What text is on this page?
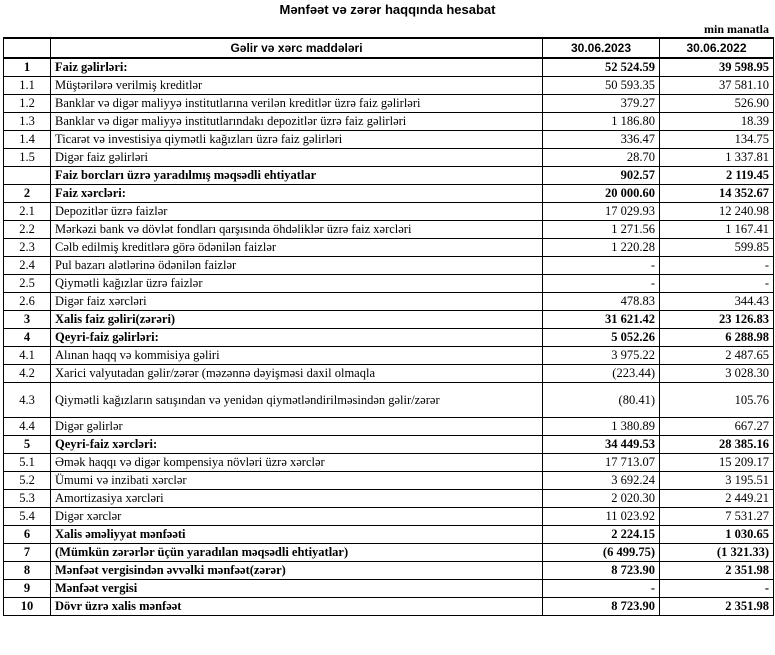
Mənfəət və zərər haqqında hesabat
min manatla
	Gəlir və xərc maddələri	30.06.2023	30.06.2022
1	Faiz gəlirləri:	52 524.59	39 598.95
1.1	Müştərilərə verilmiş kreditlər	50 593.35	37 581.10
1.2	Banklar və digər maliyyə institutlarına verilən kreditlər üzrə faiz gəlirləri	379.27	526.90
1.3	Banklar və digər maliyyə institutlarındakı depozitlər üzrə faiz gəlirləri	1 186.80	18.39
1.4	Ticarət və investisiya qiymətli kağızları üzrə faiz gəlirləri	336.47	134.75
1.5	Digər faiz gəlirləri	28.70	1 337.81
	Faiz borcları üzrə yaradılmış məqsədli ehtiyatlar	902.57	2 119.45
2	Faiz xərcləri:	20 000.60	14 352.67
2.1	Depozitlər üzrə faizlər	17 029.93	12 240.98
2.2	Mərkəzi bank və dövlət fondları qarşısında öhdəliklər üzrə faiz xərcləri	1 271.56	1 167.41
2.3	Cəlb edilmiş kreditlərə görə ödənilən faizlər	1 220.28	599.85
2.4	Pul bazarı alətlərinə ödənilən faizlər	-	-
2.5	Qiymətli kağızlar üzrə faizlər	-	-
2.6	Digər faiz xərcləri	478.83	344.43
3	Xalis faiz gəliri(zərəri)	31 621.42	23 126.83
4	Qeyri-faiz gəlirləri:	5 052.26	6 288.98
4.1	Alınan haqq və kommisiya gəliri	3 975.22	2 487.65
4.2	Xarici valyutadan gəlir/zərər (məzənnə dəyişməsi daxil olmaqla	(223.44)	3 028.30
4.3	Qiymətli kağızların satışından və yenidən qiymətləndirilməsindən gəlir/zərər	(80.41)	105.76
4.4	Digər gəlirlər	1 380.89	667.27
5	Qeyri-faiz xərcləri:	34 449.53	28 385.16
5.1	Əmək haqqı və digər kompensiya növləri üzrə xərclər	17 713.07	15 209.17
5.2	Ümumi və inzibati xərclər	3 692.24	3 195.51
5.3	Amortizasiya xərcləri	2 020.30	2 449.21
5.4	Digər xərclər	11 023.92	7 531.27
6	Xalis əməliyyat mənfəəti	2 224.15	1 030.65
7	(Mümkün zərərlər üçün yaradılan məqsədli ehtiyatlar)	(6 499.75)	(1 321.33)
8	Mənfəət vergisindən əvvəlki mənfəət(zərər)	8 723.90	2 351.98
9	Mənfəət vergisi	-	-
10	Dövr üzrə xalis mənfəət	8 723.90	2 351.98
